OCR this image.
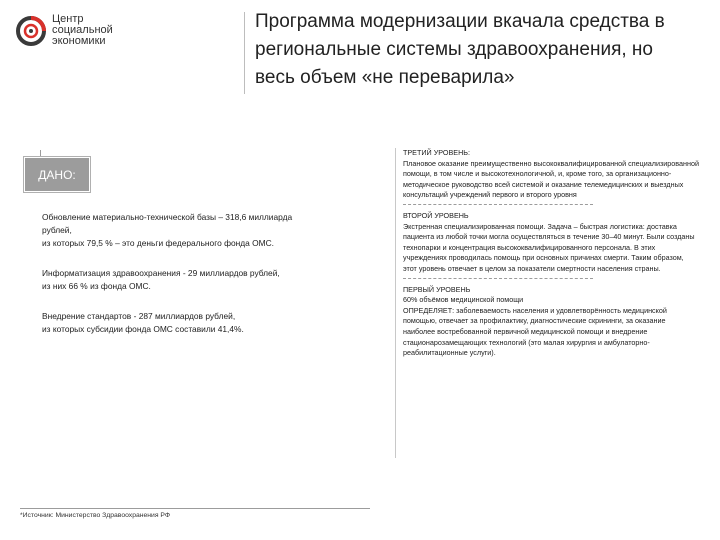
Центр
социальной
экономики
Программа модернизации вкачала средства в региональные системы здравоохранения, но весь объем «не переварила»
ДАНО:

Обновление материально-технической базы – 318,6 миллиарда рублей,

из которых 79,5 % – это деньги федерального фонда ОМС.

Информатизация здравоохранения - 29 миллиардов рублей,

из них 66 % из фонда ОМС.

Внедрение стандартов - 287 миллиардов рублей,

из которых субсидии фонда ОМС составили 41,4%.

*Источник: Министерство Здравоохранения РФ

ТРЕТИЙ УРОВЕНЬ:

Плановое оказание преимущественно высококвалифицированной специализированной помощи, в том числе и высокотехнологичной, и, кроме того, за организационно-методическое руководство всей системой и оказание телемедицинских и выездных консультаций учреждений первого и второго уровня

ВТОРОЙ УРОВЕНЬ

Экстренная специализированная помощи. Задача – быстрая логистика: доставка пациента из любой точки могла осуществляться в течение 30–40 минут. Были созданы технопарки и концентрация высококвалифицированного персонала. В этих учреждениях проводилась помощь при основных причинах смерти. Таким образом, этот уровень отвечает в целом за показатели смертности населения страны.

ПЕРВЫЙ УРОВЕНЬ

60% объёмов медицинской помощи

ОПРЕДЕЛЯЕТ: заболеваемость населения и удовлетворённость медицинской помощью, отвечает за профилактику, диагностические скрининги, за оказание наиболее востребованной первичной медицинской помощи и внедрение стационарозамещающих технологий (это малая хирургия и амбулаторно-реабилитационные услуги).
